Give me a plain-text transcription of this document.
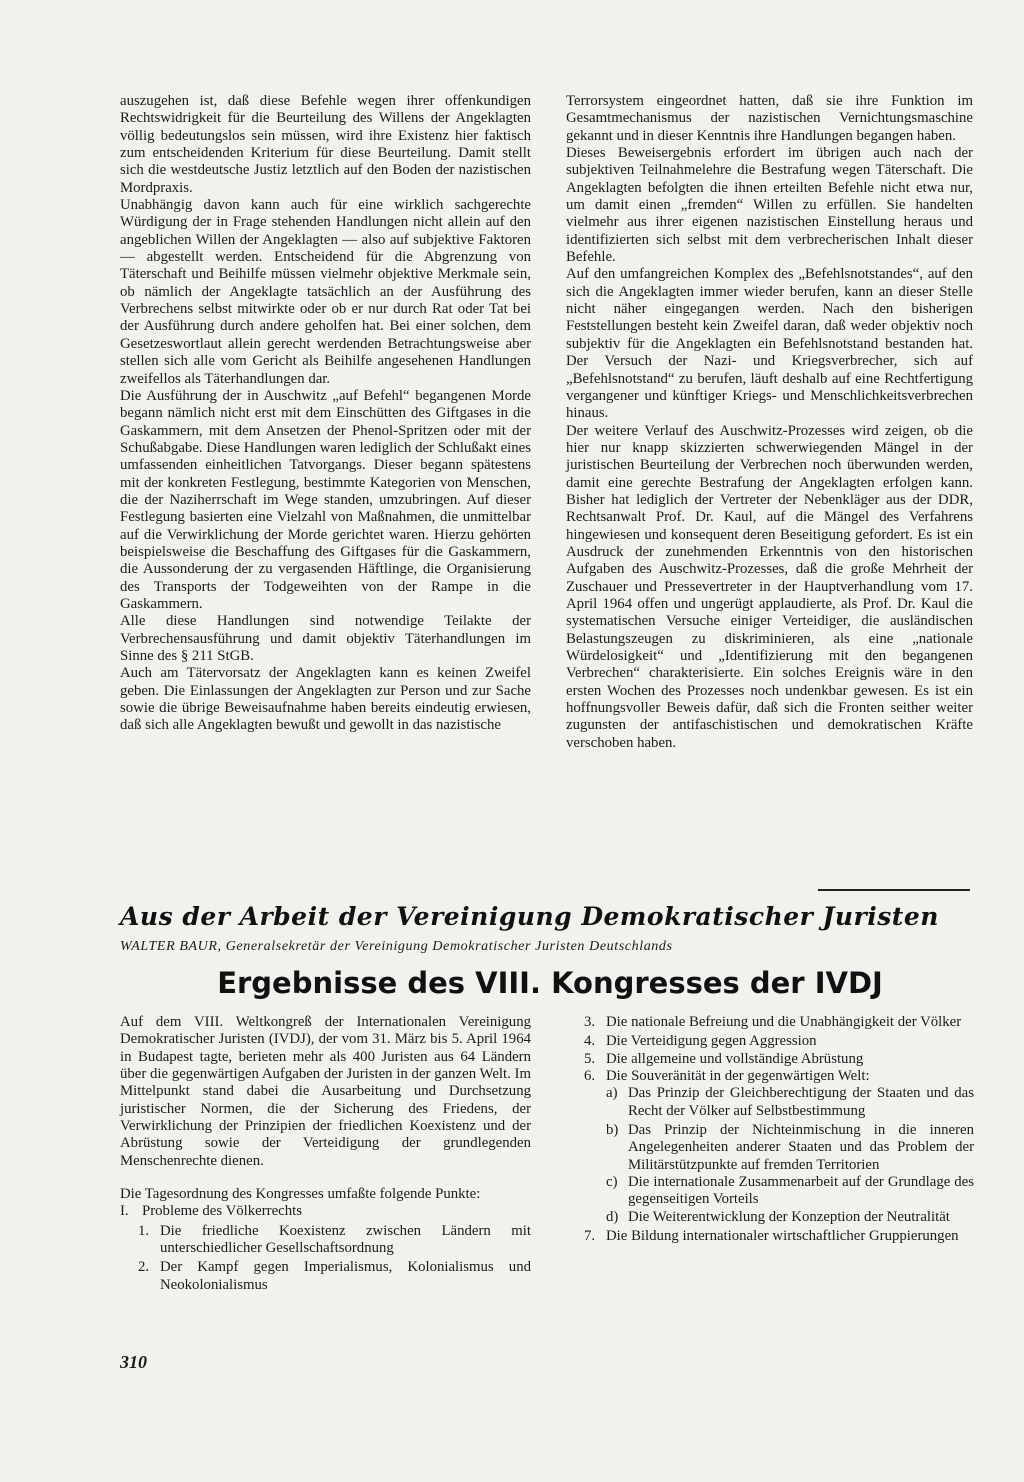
auszugehen ist, daß diese Befehle wegen ihrer offenkundigen Rechtswidrigkeit für die Beurteilung des Willens der Angeklagten völlig bedeutungslos sein müssen, wird ihre Existenz hier faktisch zum entscheidenden Kriterium für diese Beurteilung. Damit stellt sich die westdeutsche Justiz letztlich auf den Boden der nazistischen Mordpraxis.

Unabhängig davon kann auch für eine wirklich sachgerechte Würdigung der in Frage stehenden Handlungen nicht allein auf den angeblichen Willen der Angeklagten — also auf subjektive Faktoren — abgestellt werden. Entscheidend für die Abgrenzung von Täterschaft und Beihilfe müssen vielmehr objektive Merkmale sein, ob nämlich der Angeklagte tatsächlich an der Ausführung des Verbrechens selbst mitwirkte oder ob er nur durch Rat oder Tat bei der Ausführung durch andere geholfen hat. Bei einer solchen, dem Gesetzeswortlaut allein gerecht werdenden Betrachtungsweise aber stellen sich alle vom Gericht als Beihilfe angesehenen Handlungen zweifellos als Täterhandlungen dar.

Die Ausführung der in Auschwitz „auf Befehl“ begangenen Morde begann nämlich nicht erst mit dem Einschütten des Giftgases in die Gaskammern, mit dem Ansetzen der Phenol-Spritzen oder mit der Schußabgabe. Diese Handlungen waren lediglich der Schlußakt eines umfassenden einheitlichen Tatvorgangs. Dieser begann spätestens mit der konkreten Festlegung, bestimmte Kategorien von Menschen, die der Naziherrschaft im Wege standen, umzubringen. Auf dieser Festlegung basierten eine Vielzahl von Maßnahmen, die unmittelbar auf die Verwirklichung der Morde gerichtet waren. Hierzu gehörten beispielsweise die Beschaffung des Giftgases für die Gaskammern, die Aussonderung der zu vergasenden Häftlinge, die Organisierung des Transports der Todgeweihten von der Rampe in die Gaskammern.

Alle diese Handlungen sind notwendige Teilakte der Verbrechensausführung und damit objektiv Täterhandlungen im Sinne des § 211 StGB.

Auch am Tätervorsatz der Angeklagten kann es keinen Zweifel geben. Die Einlassungen der Angeklagten zur Person und zur Sache sowie die übrige Beweisaufnahme haben bereits eindeutig erwiesen, daß sich alle Angeklagten bewußt und gewollt in das nazistische

Terrorsystem eingeordnet hatten, daß sie ihre Funktion im Gesamtmechanismus der nazistischen Vernichtungsmaschine gekannt und in dieser Kenntnis ihre Handlungen begangen haben.

Dieses Beweisergebnis erfordert im übrigen auch nach der subjektiven Teilnahmelehre die Bestrafung wegen Täterschaft. Die Angeklagten befolgten die ihnen erteilten Befehle nicht etwa nur, um damit einen „fremden“ Willen zu erfüllen. Sie handelten vielmehr aus ihrer eigenen nazistischen Einstellung heraus und identifizierten sich selbst mit dem verbrecherischen Inhalt dieser Befehle.

Auf den umfangreichen Komplex des „Befehlsnotstandes“, auf den sich die Angeklagten immer wieder berufen, kann an dieser Stelle nicht näher eingegangen werden. Nach den bisherigen Feststellungen besteht kein Zweifel daran, daß weder objektiv noch subjektiv für die Angeklagten ein Befehlsnotstand bestanden hat. Der Versuch der Nazi- und Kriegsverbrecher, sich auf „Befehlsnotstand“ zu berufen, läuft deshalb auf eine Rechtfertigung vergangener und künftiger Kriegs- und Menschlichkeitsverbrechen hinaus.

Der weitere Verlauf des Auschwitz-Prozesses wird zeigen, ob die hier nur knapp skizzierten schwerwiegenden Mängel in der juristischen Beurteilung der Verbrechen noch überwunden werden, damit eine gerechte Bestrafung der Angeklagten erfolgen kann. Bisher hat lediglich der Vertreter der Nebenkläger aus der DDR, Rechtsanwalt Prof. Dr. Kaul, auf die Mängel des Verfahrens hingewiesen und konsequent deren Beseitigung gefordert. Es ist ein Ausdruck der zunehmenden Erkenntnis von den historischen Aufgaben des Auschwitz-Prozesses, daß die große Mehrheit der Zuschauer und Pressevertreter in der Hauptverhandlung vom 17. April 1964 offen und ungerügt applaudierte, als Prof. Dr. Kaul die systematischen Versuche einiger Verteidiger, die ausländischen Belastungszeugen zu diskriminieren, als eine „nationale Würdelosigkeit“ und „Identifizierung mit den begangenen Verbrechen“ charakterisierte. Ein solches Ereignis wäre in den ersten Wochen des Prozesses noch undenkbar gewesen. Es ist ein hoffnungsvoller Beweis dafür, daß sich die Fronten seither weiter zugunsten der antifaschistischen und demokratischen Kräfte verschoben haben.

Aus der Arbeit der Vereinigung Demokratischer Juristen
WALTER BAUR, Generalsekretär der Vereinigung Demokratischer Juristen Deutschlands
Ergebnisse des VIII. Kongresses der IVDJ

Auf dem VIII. Weltkongreß der Internationalen Vereinigung Demokratischer Juristen (IVDJ), der vom 31. März bis 5. April 1964 in Budapest tagte, berieten mehr als 400 Juristen aus 64 Ländern über die gegenwärtigen Aufgaben der Juristen in der ganzen Welt. Im Mittelpunkt stand dabei die Ausarbeitung und Durchsetzung juristischer Normen, die der Sicherung des Friedens, der Verwirklichung der Prinzipien der friedlichen Koexistenz und der Abrüstung sowie der Verteidigung der grundlegenden Menschenrechte dienen.

Die Tagesordnung des Kongresses umfaßte folgende Punkte:

I. Probleme des Völkerrechts
1. Die friedliche Koexistenz zwischen Ländern mit unterschiedlicher Gesellschaftsordnung
2. Der Kampf gegen Imperialismus, Kolonialismus und Neokolonialismus
3. Die nationale Befreiung und die Unabhängigkeit der Völker
4. Die Verteidigung gegen Aggression
5. Die allgemeine und vollständige Abrüstung
6. Die Souveränität in der gegenwärtigen Welt:
a) Das Prinzip der Gleichberechtigung der Staaten und das Recht der Völker auf Selbstbestimmung
b) Das Prinzip der Nichteinmischung in die inneren Angelegenheiten anderer Staaten und das Problem der Militärstützpunkte auf fremden Territorien
c) Die internationale Zusammenarbeit auf der Grundlage des gegenseitigen Vorteils
d) Die Weiterentwicklung der Konzeption der Neutralität
7. Die Bildung internationaler wirtschaftlicher Gruppierungen
310
